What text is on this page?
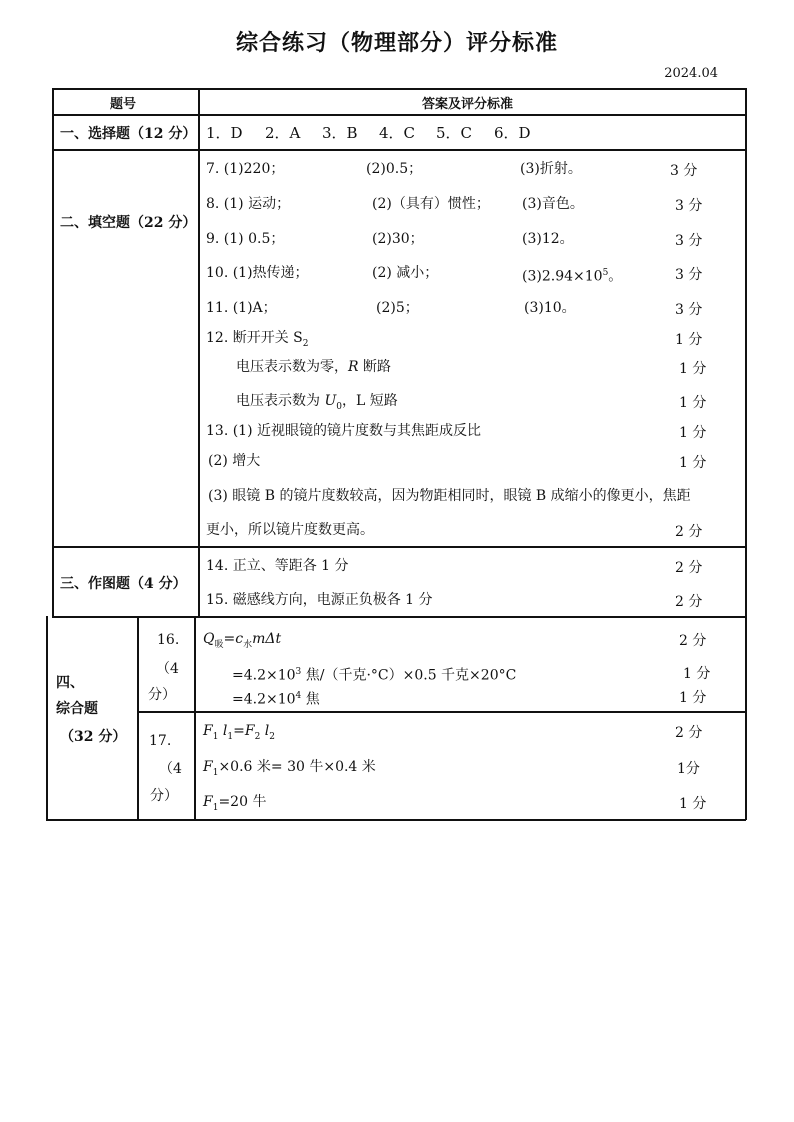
综合练习（物理部分）评分标准
2024.04
题号	答案及评分标准
一、选择题（12 分） 1．D 2．A 3．B 4．C 5．C 6．D
二、填空题（22 分）
7. (1)220；	(2)0.5；	(3)折射。	3 分
8. (1) 运动；	(2)（具有）惯性； (3)音色。	3 分
9. (1) 0.5；	(2)30；	(3)12。	3 分
10. (1)热传递；	(2) 减小；	$(3)2.94\times 10^5$。	3 分
11. (1)A；	(2)5；	(3)10。	3 分
12. 断开开关 $S_2$	1 分
电压表示数为零，R 断路	1 分
电压表示数为 $U_0$，L 短路	1 分
13. (1) 近视眼镜的镜片度数与其焦距成反比	1 分
(2) 增大	1 分
(3) 眼镜 B 的镜片度数较高，因为物距相同时，眼镜 B 成缩小的像更小，焦距
更小，所以镜片度数更高。	2 分
三、作图题（4 分）
14. 正立、等距各 1 分	2 分
15. 磁感线方向，电源正负极各 1 分	2 分
四、
综合题
（32 分）
16.
（4
分）
$Q_吸=c_水m\Delta t$	2 分
$=4.2\times 10^3$ 焦/（千克·°C）×0.5 千克×20°C	1 分
$=4.2\times 10^4$ 焦	1 分
17.
（4
分）
$F_1$ $l_1=F_2$ $l_2$	2 分
$F_1\times 0.6$ 米= 30 牛×0.4 米	1分
$F_1=20$ 牛	1 分
